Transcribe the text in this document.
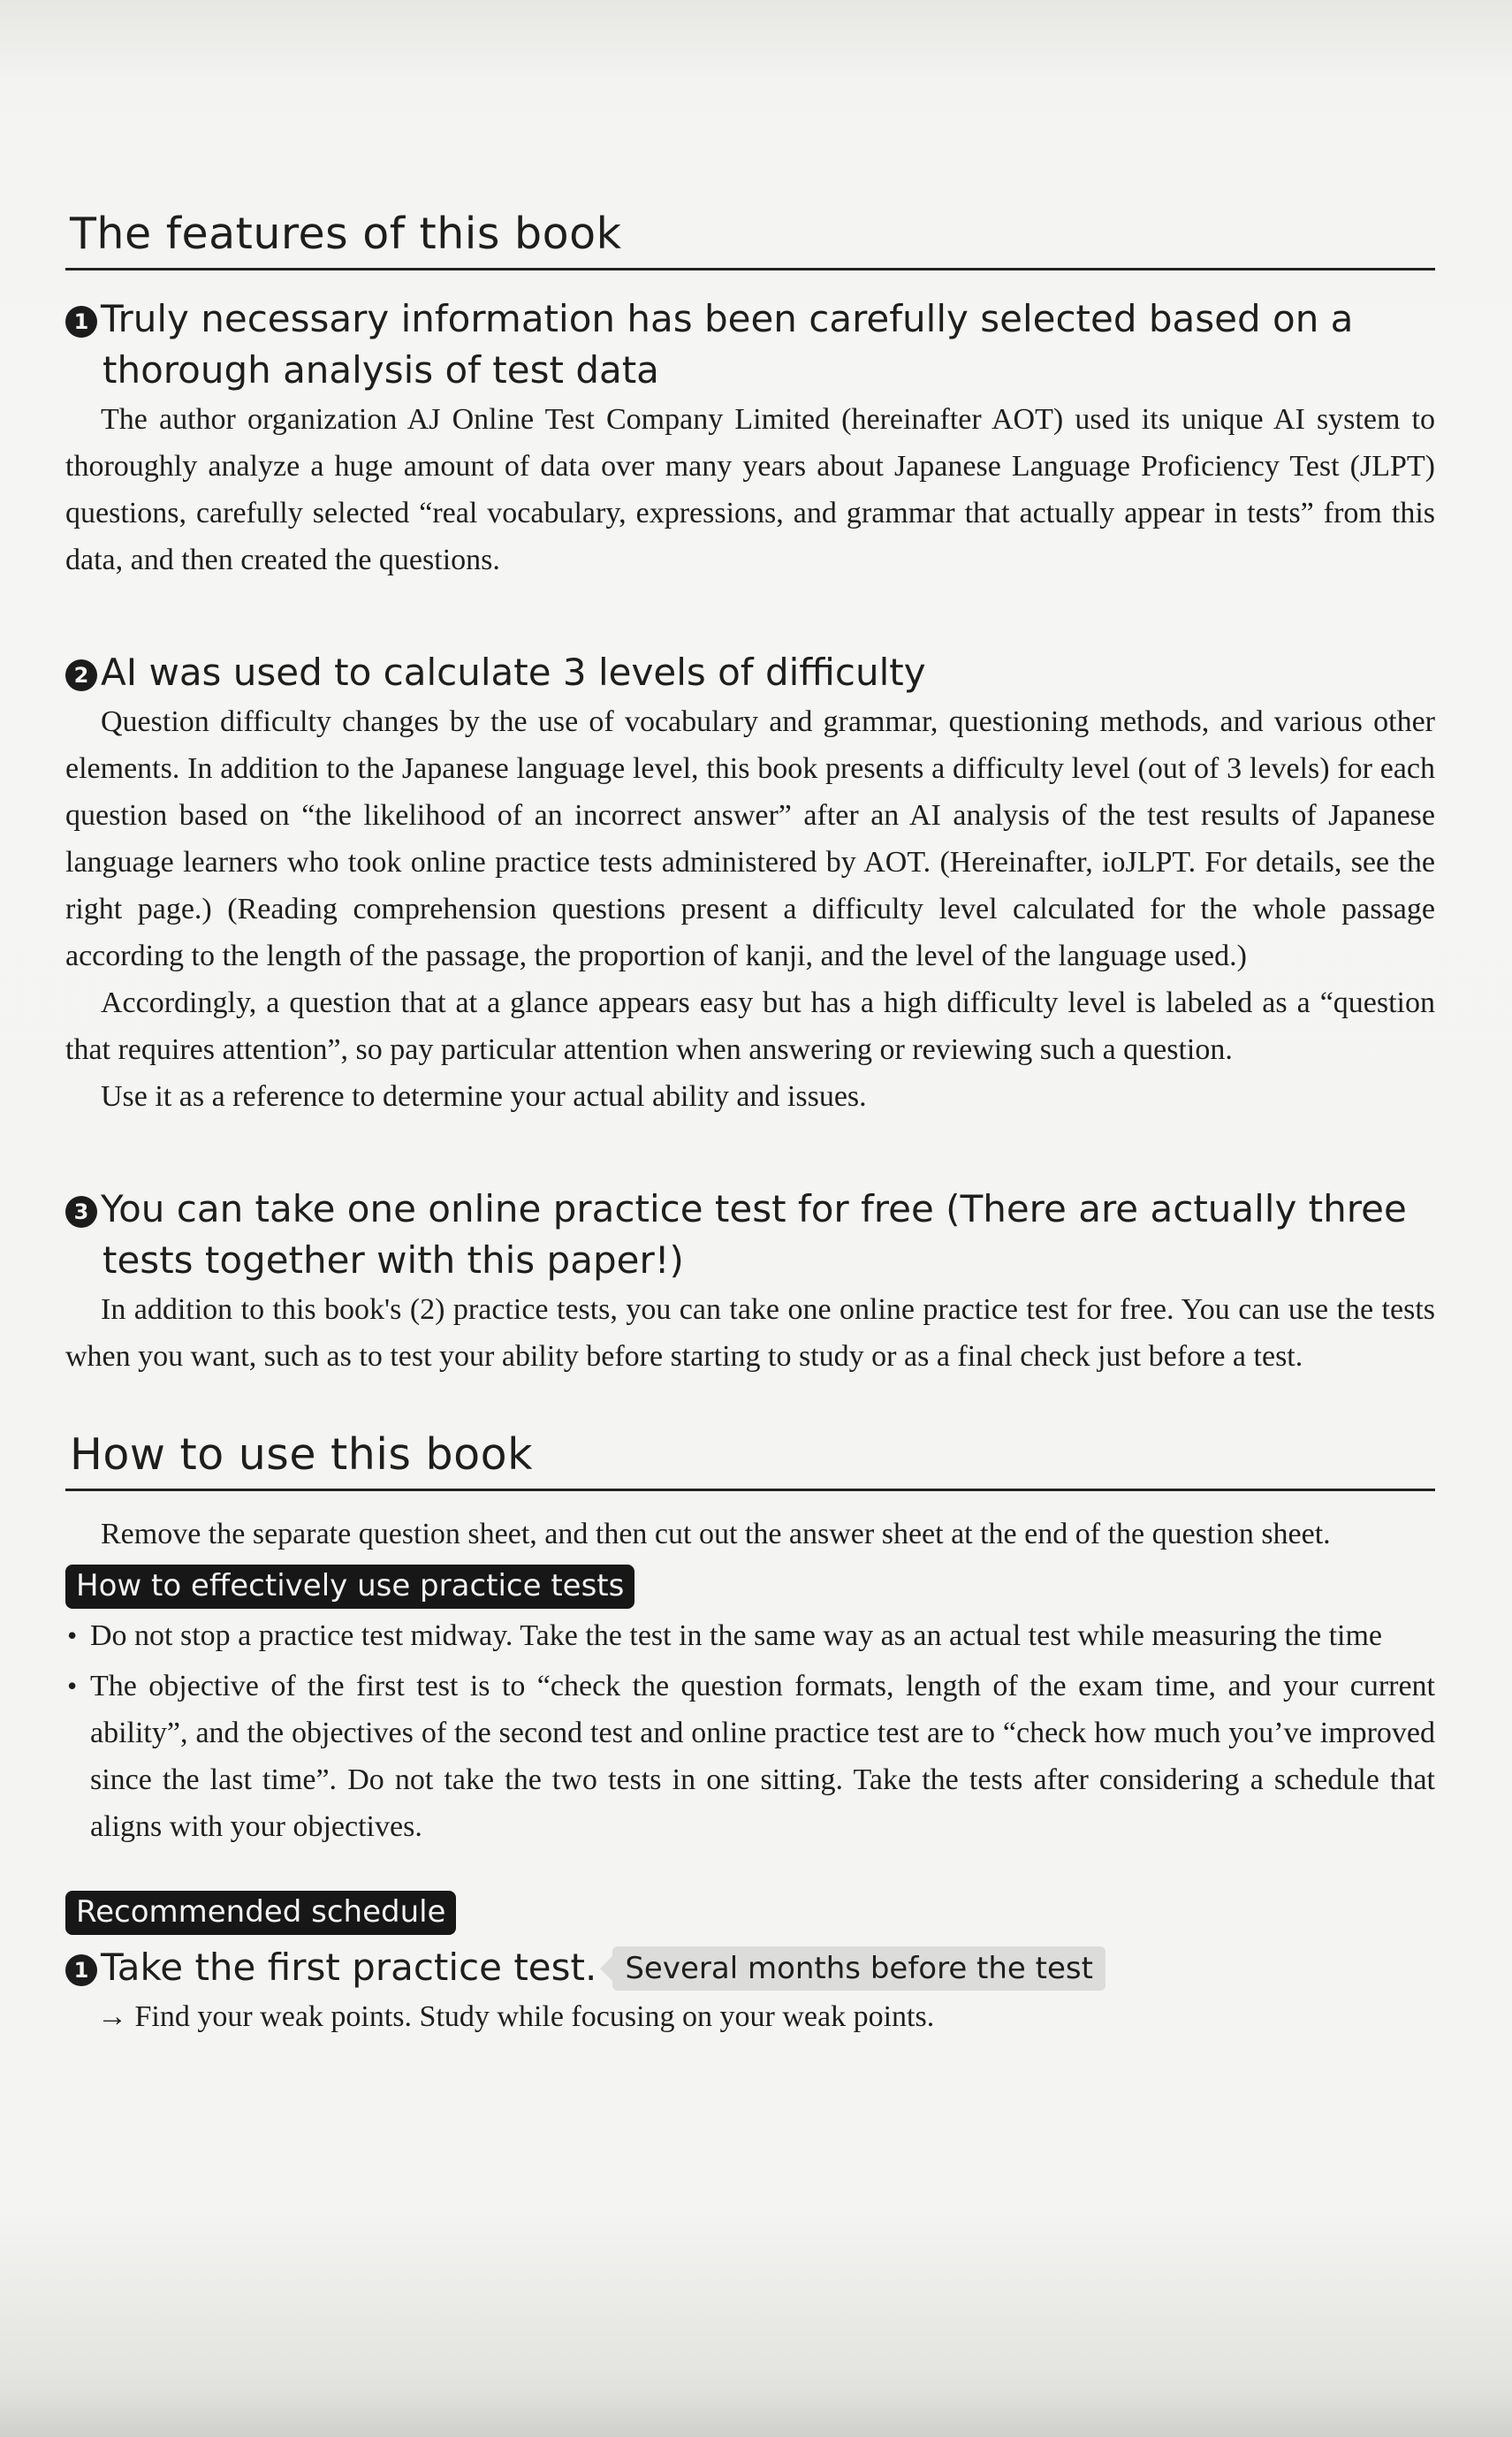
The features of this book

1 Truly necessary information has been carefully selected based on a thorough analysis of test data

The author organization AJ Online Test Company Limited (hereinafter AOT) used its unique AI system to thoroughly analyze a huge amount of data over many years about Japanese Language Proficiency Test (JLPT) questions, carefully selected “real vocabulary, expressions, and grammar that actually appear in tests” from this data, and then created the questions.

2 AI was used to calculate 3 levels of difficulty

Question difficulty changes by the use of vocabulary and grammar, questioning methods, and various other elements. In addition to the Japanese language level, this book presents a difficulty level (out of 3 levels) for each question based on “the likelihood of an incorrect answer” after an AI analysis of the test results of Japanese language learners who took online practice tests administered by AOT. (Hereinafter, ioJLPT. For details, see the right page.) (Reading comprehension questions present a difficulty level calculated for the whole passage according to the length of the passage, the proportion of kanji, and the level of the language used.)

Accordingly, a question that at a glance appears easy but has a high difficulty level is labeled as a “question that requires attention”, so pay particular attention when answering or reviewing such a question.

Use it as a reference to determine your actual ability and issues.

3 You can take one online practice test for free (There are actually three tests together with this paper!)

In addition to this book's (2) practice tests, you can take one online practice test for free. You can use the tests when you want, such as to test your ability before starting to study or as a final check just before a test.

How to use this book

Remove the separate question sheet, and then cut out the answer sheet at the end of the question sheet.

How to effectively use practice tests
• Do not stop a practice test midway. Take the test in the same way as an actual test while measuring the time
• The objective of the first test is to “check the question formats, length of the exam time, and your current ability”, and the objectives of the second test and online practice test are to “check how much you’ve improved since the last time”. Do not take the two tests in one sitting. Take the tests after considering a schedule that aligns with your objectives.
Recommended schedule

1 Take the first practice test. Several months before the test

→ Find your weak points. Study while focusing on your weak points.
